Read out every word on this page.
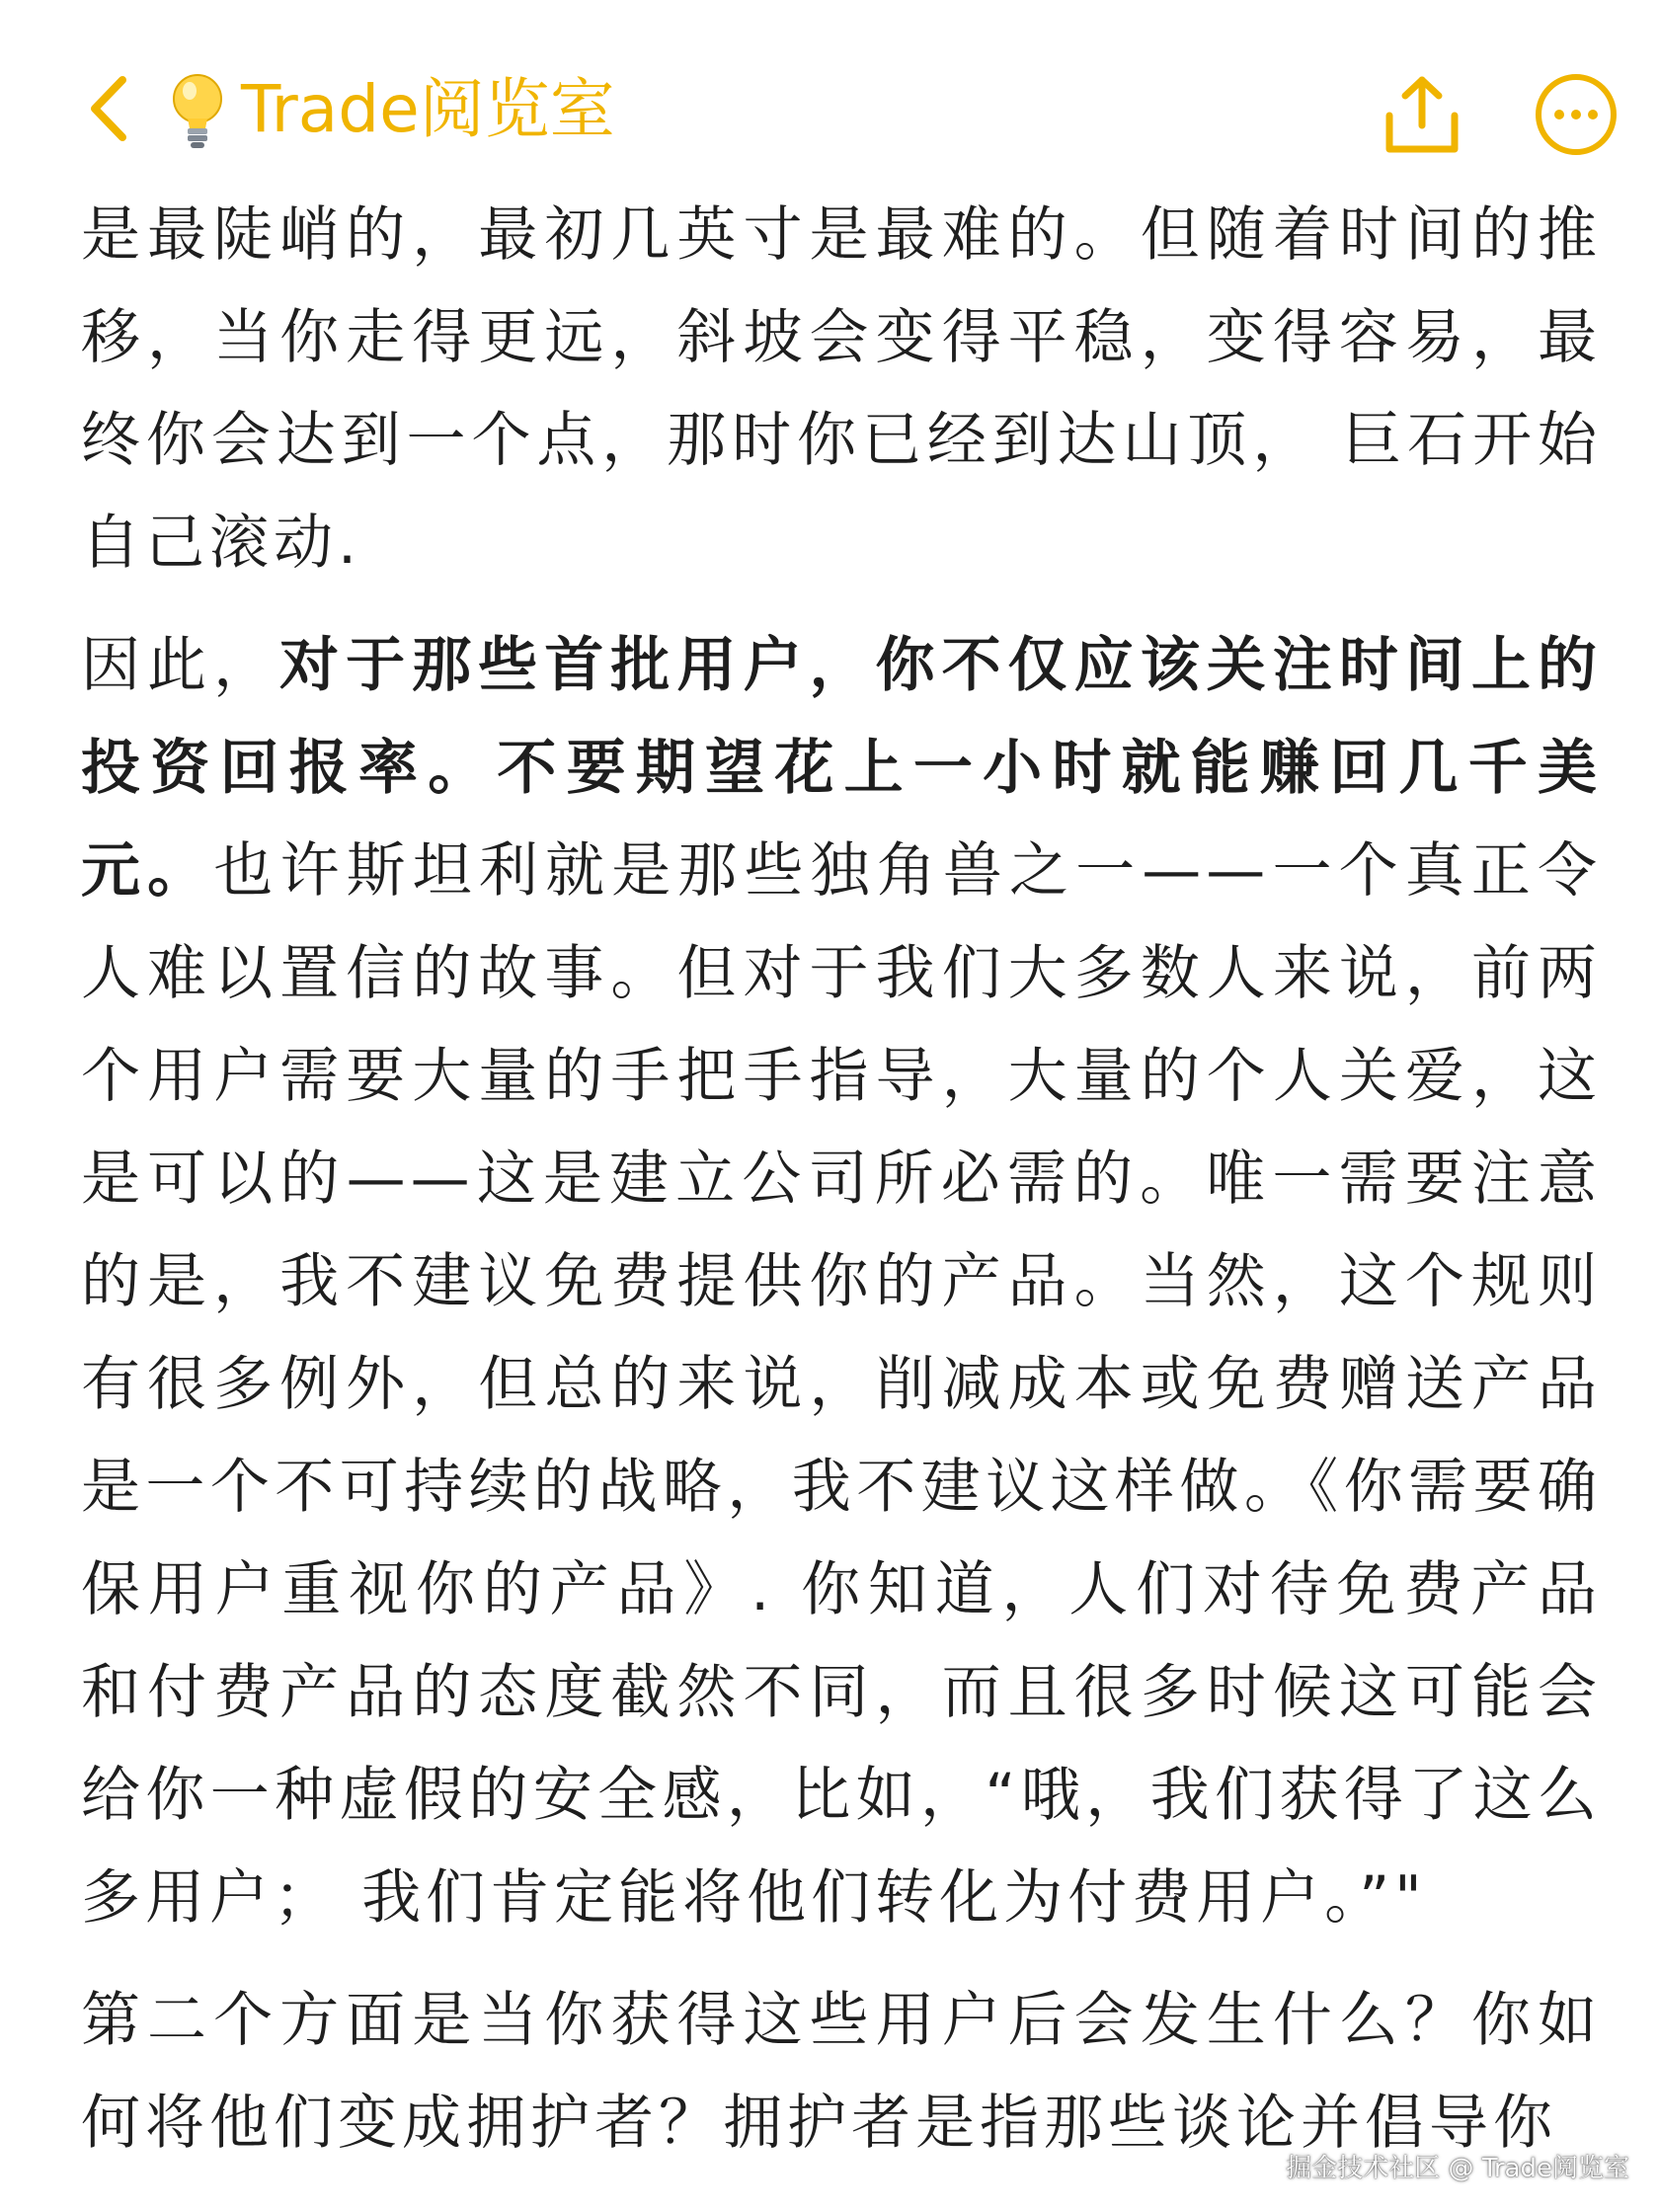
Trade阅览室

是最陡峭的，最初几英寸是最难的。但随着时间的推移，当你走得更远，斜坡会变得平稳，变得容易，最终你会达到一个点，那时你已经到达山顶， 巨石开始自己滚动.

因此，对于那些首批用户，你不仅应该关注时间上的投资回报率。不要期望花上一小时就能赚回几千美元。也许斯坦利就是那些独角兽之一——一个真正令人难以置信的故事。但对于我们大多数人来说，前两个用户需要大量的手把手指导，大量的个人关爱，这是可以的——这是建立公司所必需的。唯一需要注意的是，我不建议免费提供你的产品。当然，这个规则有很多例外，但总的来说，削减成本或免费赠送产品是一个不可持续的战略，我不建议这样做。《你需要确保用户重视你的产品》. 你知道，人们对待免费产品和付费产品的态度截然不同，而且很多时候这可能会给你一种虚假的安全感，比如，“哦，我们获得了这么多用户； 我们肯定能将他们转化为付费用户。”"

第二个方面是当你获得这些用户后会发生什么？你如何将他们变成拥护者？拥护者是指那些谈论并倡导你

掘金技术社区 @ Trade阅览室
